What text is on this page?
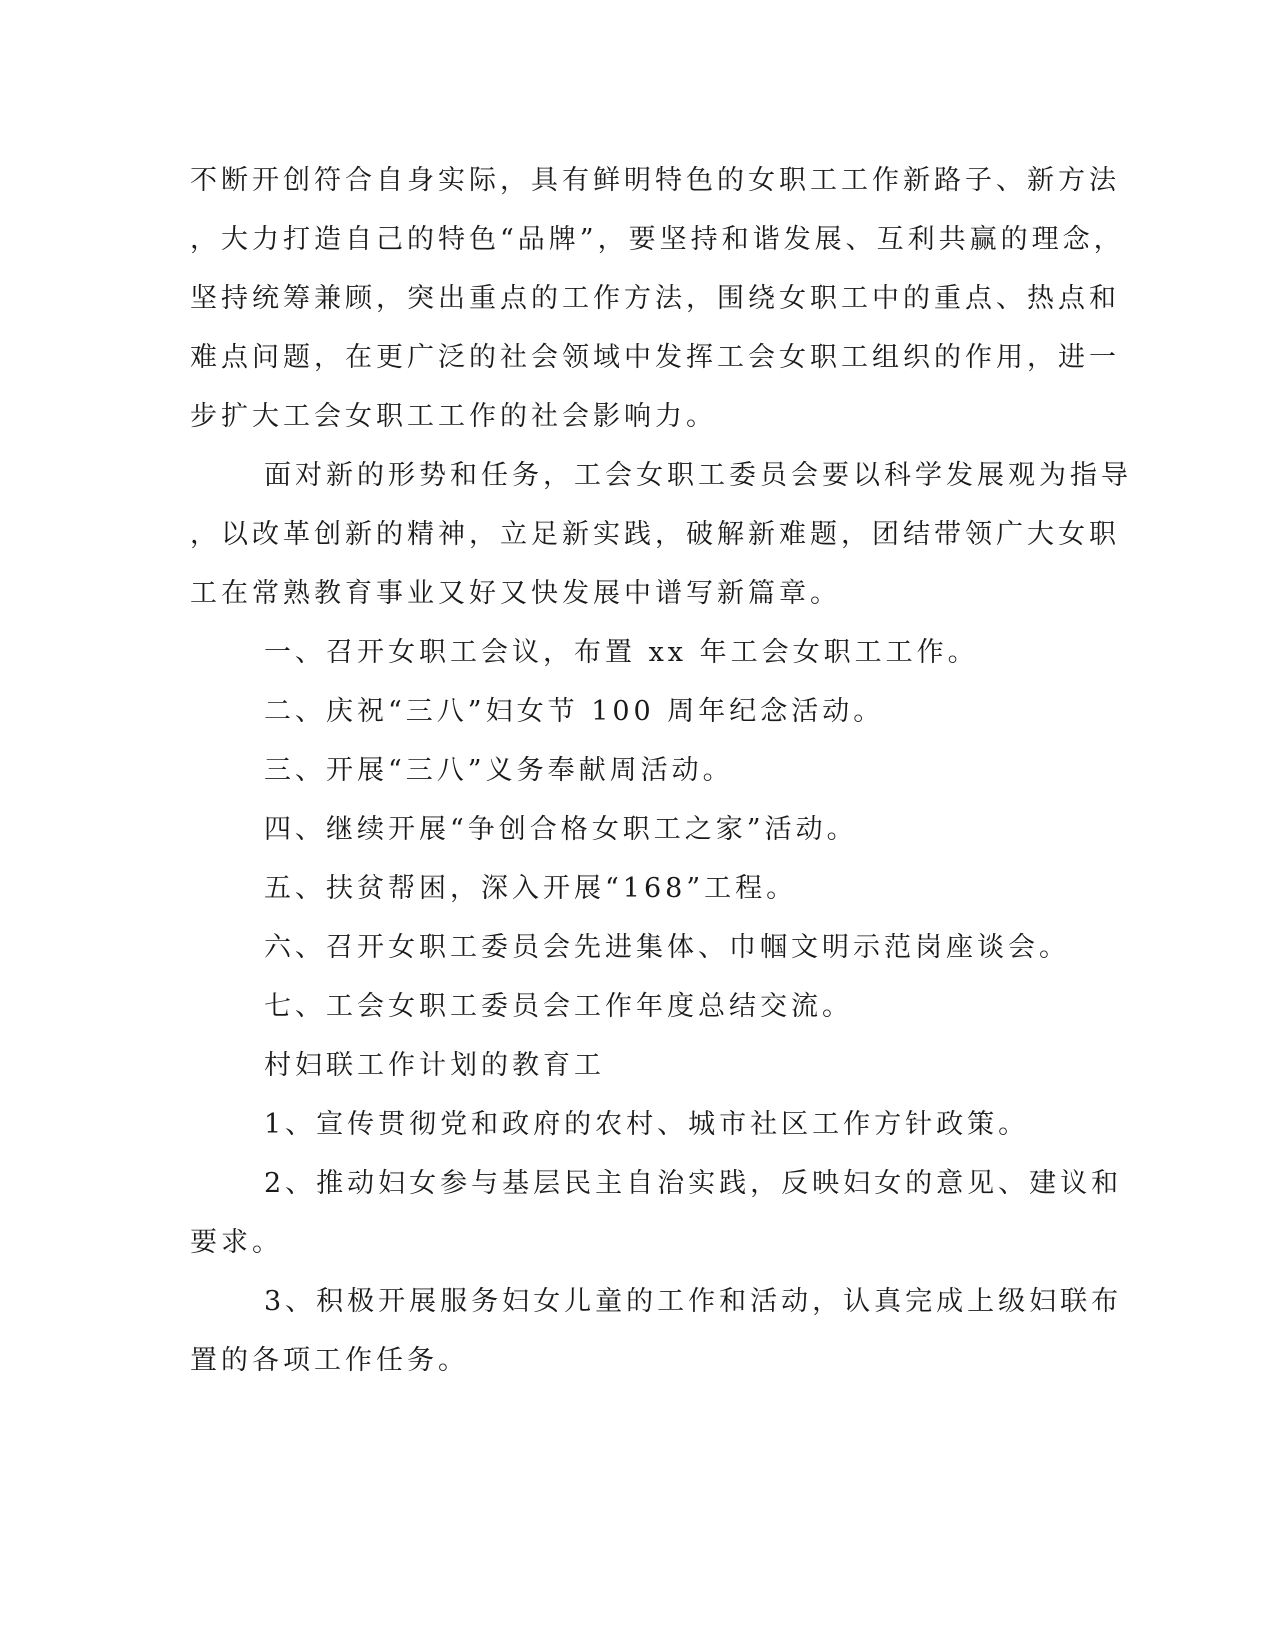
不断开创符合自身实际，具有鲜明特色的女职工工作新路子、新方法
，大力打造自己的特色“品牌”，要坚持和谐发展、互利共赢的理念，
坚持统筹兼顾，突出重点的工作方法，围绕女职工中的重点、热点和
难点问题，在更广泛的社会领域中发挥工会女职工组织的作用，进一
步扩大工会女职工工作的社会影响力。
面对新的形势和任务，工会女职工委员会要以科学发展观为指导
，以改革创新的精神，立足新实践，破解新难题，团结带领广大女职
工在常熟教育事业又好又快发展中谱写新篇章。
一、召开女职工会议，布置 xx 年工会女职工工作。
二、庆祝“三八”妇女节 100 周年纪念活动。
三、开展“三八”义务奉献周活动。
四、继续开展“争创合格女职工之家”活动。
五、扶贫帮困，深入开展“168”工程。
六、召开女职工委员会先进集体、巾帼文明示范岗座谈会。
七、工会女职工委员会工作年度总结交流。
村妇联工作计划的教育工
1、宣传贯彻党和政府的农村、城市社区工作方针政策。
2、推动妇女参与基层民主自治实践，反映妇女的意见、建议和
要求。
3、积极开展服务妇女儿童的工作和活动，认真完成上级妇联布
置的各项工作任务。
